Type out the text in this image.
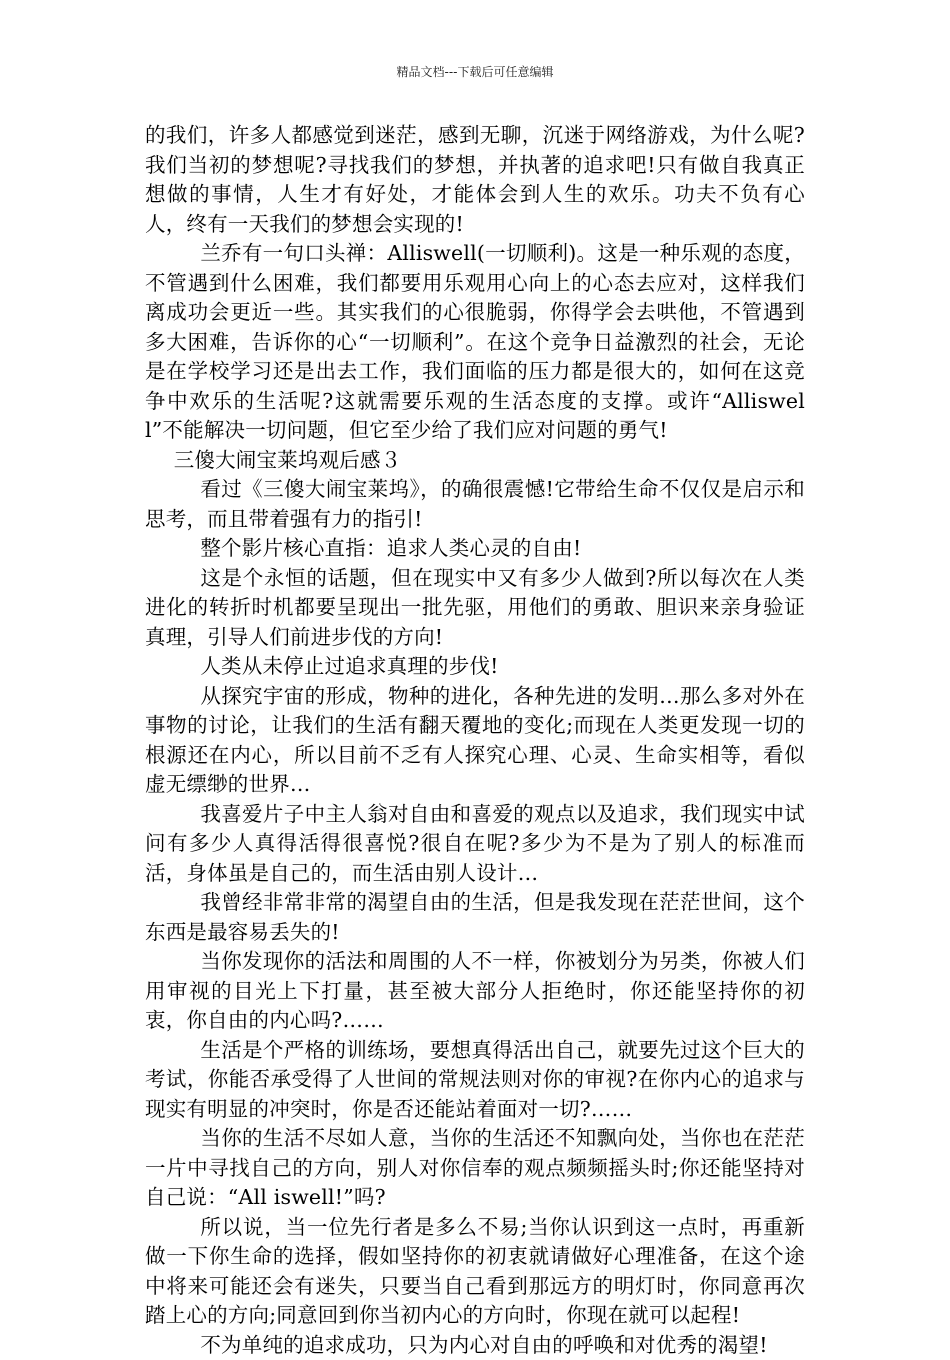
精品文档---下载后可任意编辑

的我们，许多人都感觉到迷茫，感到无聊，沉迷于网络游戏，为什么呢?我们当初的梦想呢?寻找我们的梦想，并执著的追求吧!只有做自我真正想做的事情，人生才有好处，才能体会到人生的欢乐。功夫不负有心人，终有一天我们的梦想会实现的!

兰乔有一句口头禅：Alliswell(一切顺利)。这是一种乐观的态度，不管遇到什么困难，我们都要用乐观用心向上的心态去应对，这样我们离成功会更近一些。其实我们的心很脆弱，你得学会去哄他，不管遇到多大困难，告诉你的心“一切顺利”。在这个竞争日益激烈的社会，无论是在学校学习还是出去工作，我们面临的压力都是很大的，如何在这竞争中欢乐的生活呢?这就需要乐观的生活态度的支撑。或许“Alliswell”不能解决一切问题，但它至少给了我们应对问题的勇气!

三傻大闹宝莱坞观后感３

看过《三傻大闹宝莱坞》，的确很震憾!它带给生命不仅仅是启示和思考，而且带着强有力的指引!

整个影片核心直指：追求人类心灵的自由!

这是个永恒的话题，但在现实中又有多少人做到?所以每次在人类进化的转折时机都要呈现出一批先驱，用他们的勇敢、胆识来亲身验证真理，引导人们前进步伐的方向!

人类从未停止过追求真理的步伐!

从探究宇宙的形成，物种的进化，各种先进的发明…那么多对外在事物的讨论，让我们的生活有翻天覆地的变化;而现在人类更发现一切的根源还在内心，所以目前不乏有人探究心理、心灵、生命实相等，看似虚无缥缈的世界…

我喜爱片子中主人翁对自由和喜爱的观点以及追求，我们现实中试问有多少人真得活得很喜悦?很自在呢?多少为不是为了别人的标准而活，身体虽是自己的，而生活由别人设计…

我曾经非常非常的渴望自由的生活，但是我发现在茫茫世间，这个东西是最容易丢失的!

当你发现你的活法和周围的人不一样，你被划分为另类，你被人们用审视的目光上下打量，甚至被大部分人拒绝时，你还能坚持你的初衷，你自由的内心吗?……

生活是个严格的训练场，要想真得活出自己，就要先过这个巨大的考试，你能否承受得了人世间的常规法则对你的审视?在你内心的追求与现实有明显的冲突时，你是否还能站着面对一切?……

当你的生活不尽如人意，当你的生活还不知飘向处，当你也在茫茫一片中寻找自己的方向，别人对你信奉的观点频频摇头时;你还能坚持对自己说：“All iswell!”吗?

所以说，当一位先行者是多么不易;当你认识到这一点时，再重新做一下你生命的选择，假如坚持你的初衷就请做好心理准备，在这个途中将来可能还会有迷失，只要当自己看到那远方的明灯时，你同意再次踏上心的方向;同意回到你当初内心的方向时，你现在就可以起程!

不为单纯的追求成功，只为内心对自由的呼唤和对优秀的渴望!
